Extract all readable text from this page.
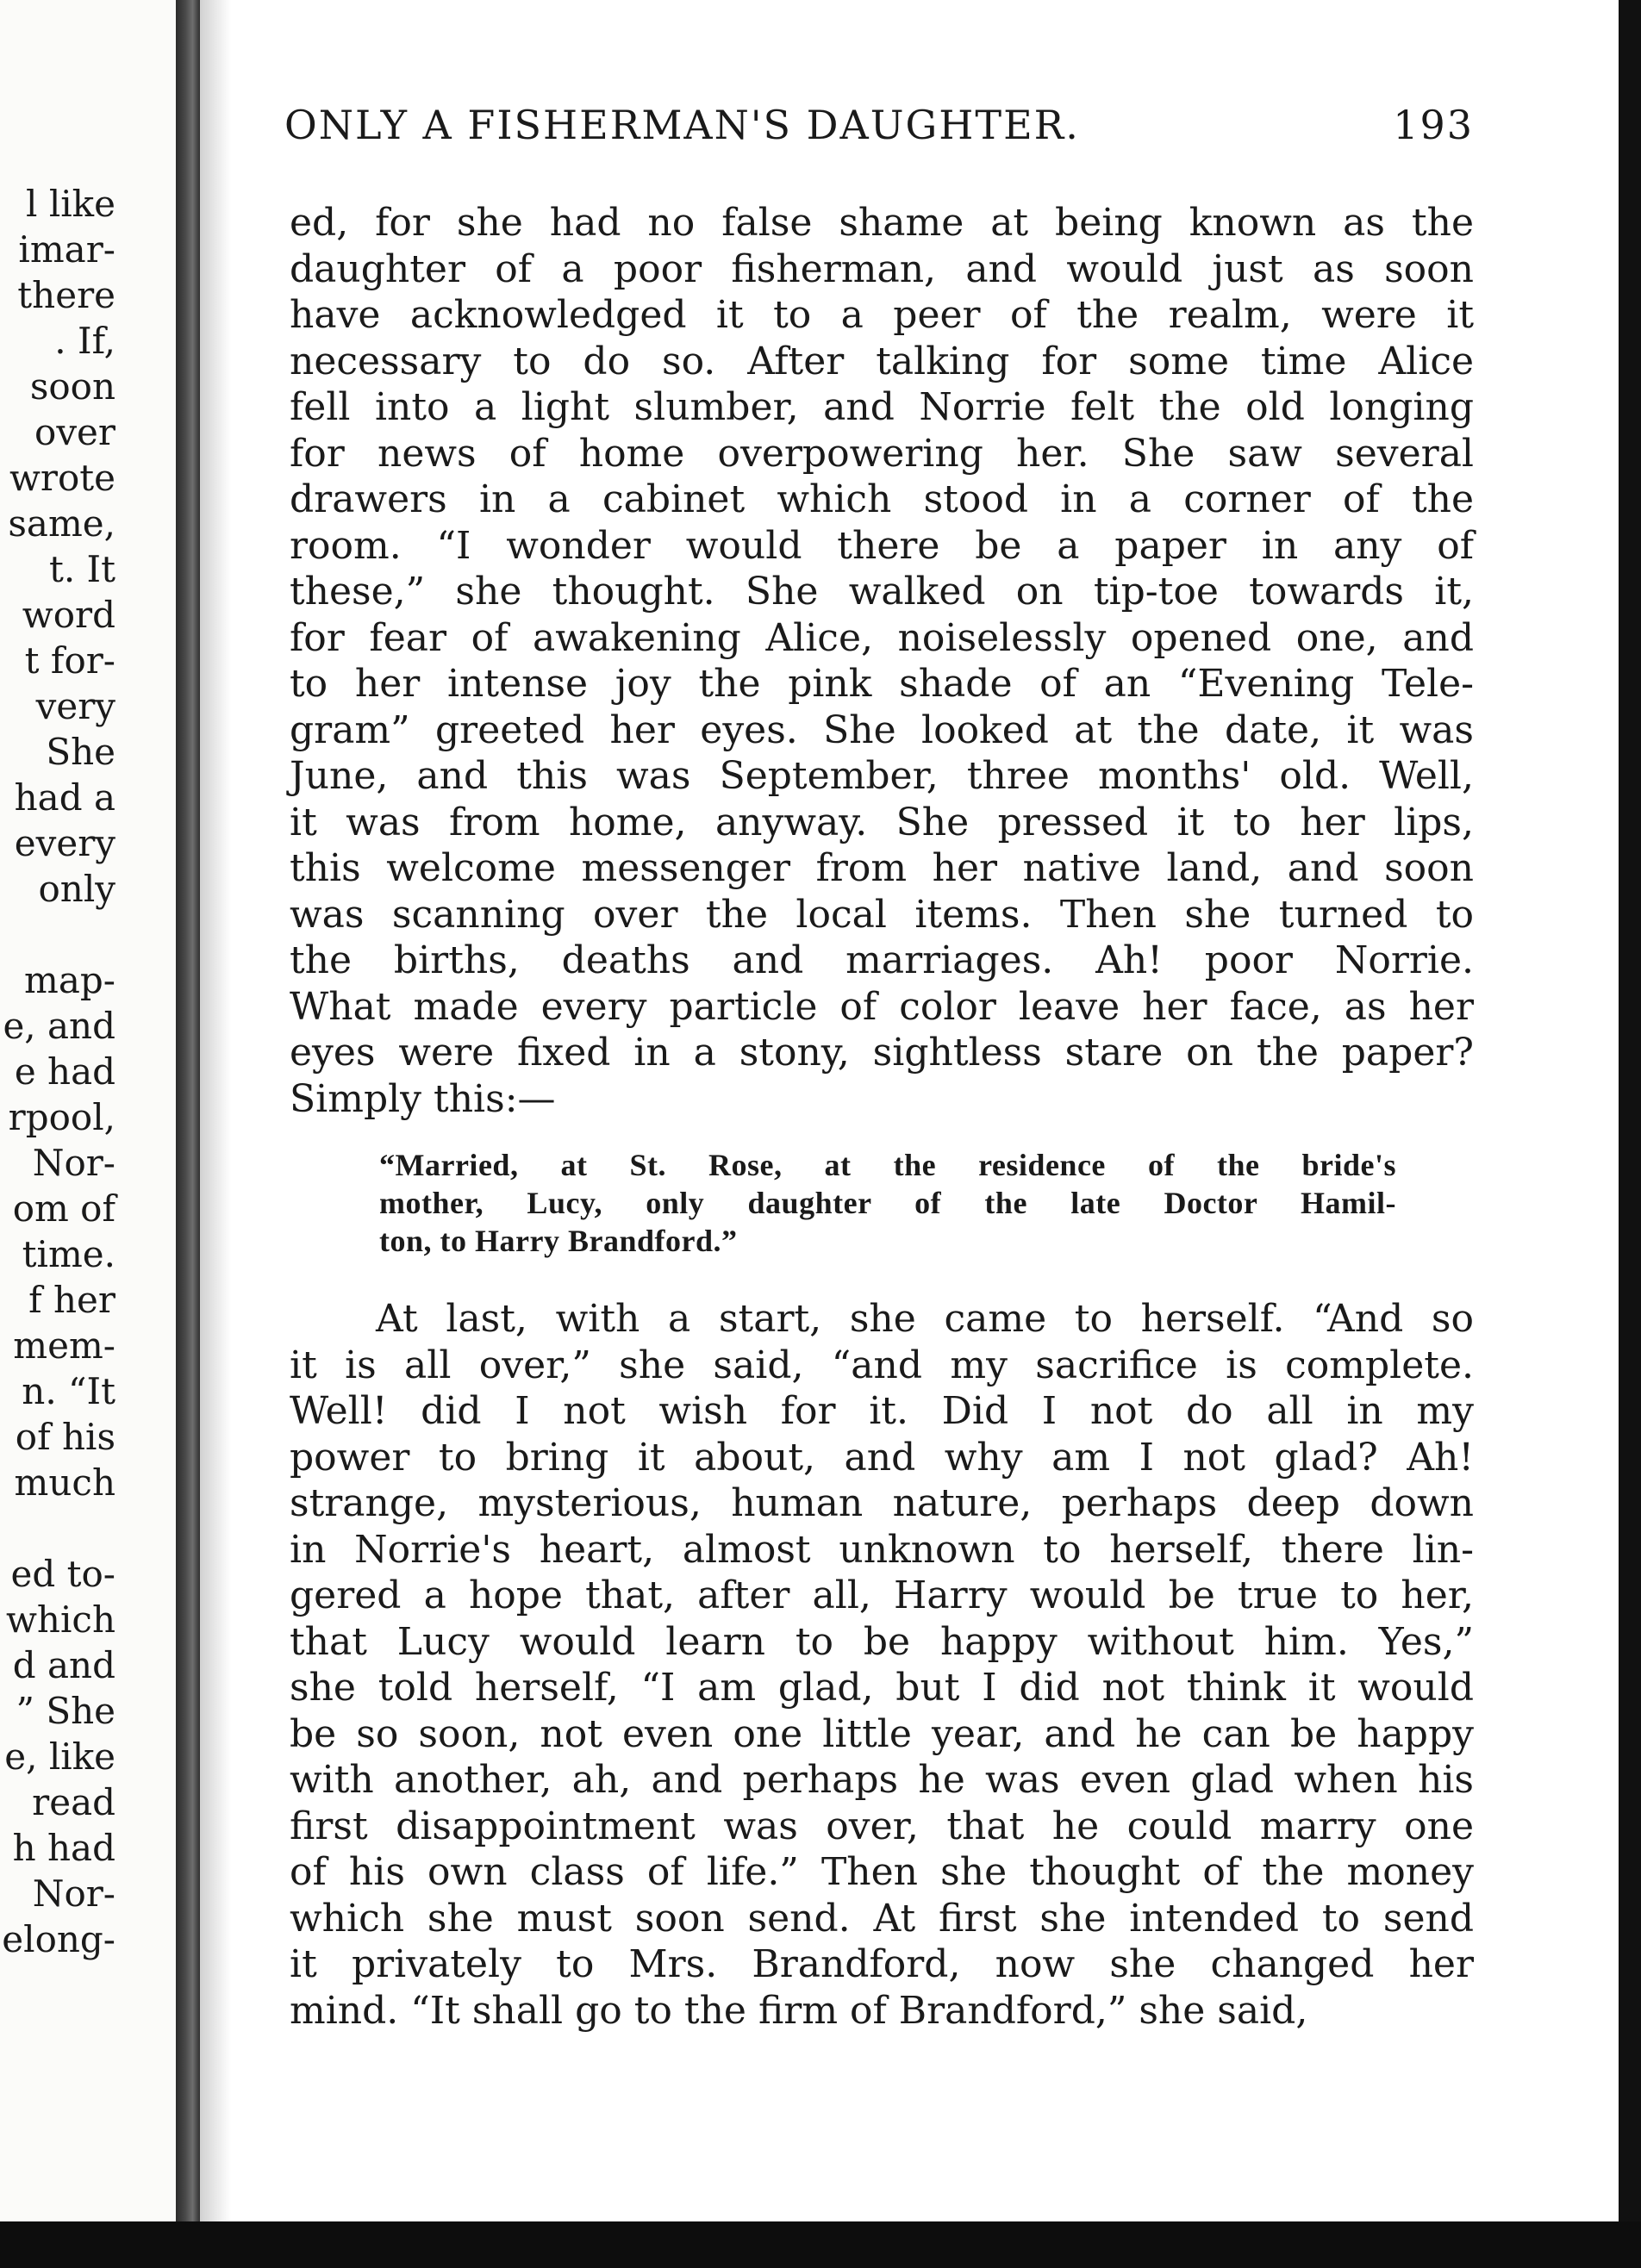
l like
imar-
there
. If,
soon
over
wrote
same,
t. It
word
t for-
very
She
had a
every
only
map-
e, and
e had
rpool,
Nor-
om of
time.
f her
mem-
n. “It
of his
much
ed to-
which
d and
” She
e, like
read
h had
Nor-
elong-
ONLY A FISHERMAN'S DAUGHTER.	193
ed, for she had no false shame at being known as the
daughter of a poor fisherman, and would just as soon
have acknowledged it to a peer of the realm, were it
necessary to do so. After talking for some time Alice
fell into a light slumber, and Norrie felt the old longing
for news of home overpowering her. She saw several
drawers in a cabinet which stood in a corner of the
room. “I wonder would there be a paper in any of
these,” she thought. She walked on tip-toe towards it,
for fear of awakening Alice, noiselessly opened one, and
to her intense joy the pink shade of an “Evening Tele-
gram” greeted her eyes. She looked at the date, it was
June, and this was September, three months' old. Well,
it was from home, anyway. She pressed it to her lips,
this welcome messenger from her native land, and soon
was scanning over the local items. Then she turned to
the births, deaths and marriages. Ah! poor Norrie.
What made every particle of color leave her face, as her
eyes were fixed in a stony, sightless stare on the paper?
Simply this:—
“Married, at St. Rose, at the residence of the bride's
mother, Lucy, only daughter of the late Doctor Hamil-
ton, to Harry Brandford.”
At last, with a start, she came to herself. “And so
it is all over,” she said, “and my sacrifice is complete.
Well! did I not wish for it. Did I not do all in my
power to bring it about, and why am I not glad? Ah!
strange, mysterious, human nature, perhaps deep down
in Norrie's heart, almost unknown to herself, there lin-
gered a hope that, after all, Harry would be true to her,
that Lucy would learn to be happy without him. Yes,”
she told herself, “I am glad, but I did not think it would
be so soon, not even one little year, and he can be happy
with another, ah, and perhaps he was even glad when his
first disappointment was over, that he could marry one
of his own class of life.” Then she thought of the money
which she must soon send. At first she intended to send
it privately to Mrs. Brandford, now she changed her
mind. “It shall go to the firm of Brandford,” she said,
